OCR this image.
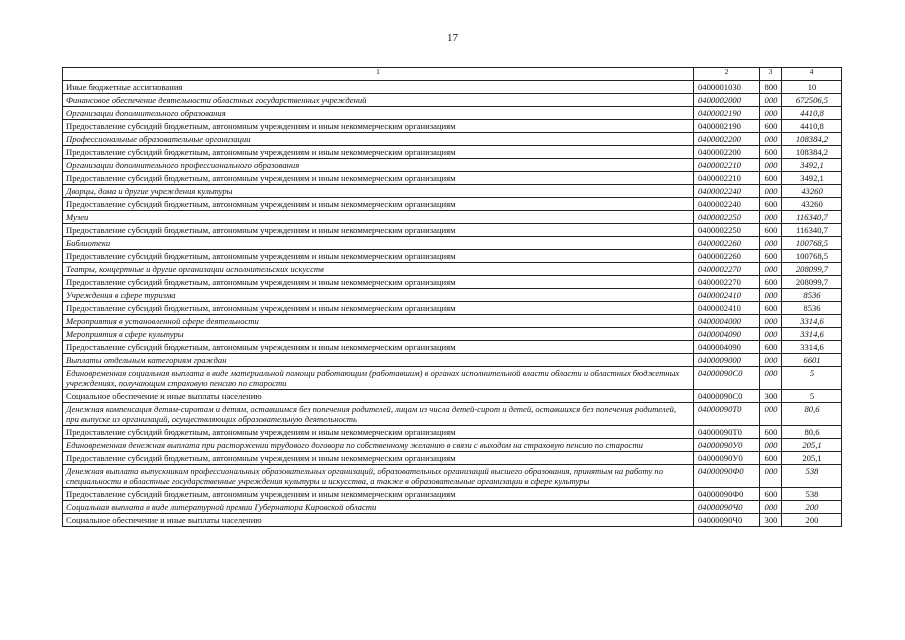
17
1	2	3	4
Иные бюджетные ассигнования	0400001030	800	10
Финансовое обеспечение деятельности областных государственных учреждений	0400002000	000	672506,5
Организации дополнительного образования	0400002190	000	4410,8
Предоставление субсидий бюджетным, автономным учреждениям и иным некоммерческим организациям	0400002190	600	4410,8
Профессиональные образовательные организации	0400002200	000	108384,2
Предоставление субсидий бюджетным, автономным учреждениям и иным некоммерческим организациям	0400002200	600	108384,2
Организации дополнительного профессионального образования	0400002210	000	3492,1
Предоставление субсидий бюджетным, автономным учреждениям и иным некоммерческим организациям	0400002210	600	3492,1
Дворцы, дома и другие учреждения культуры	0400002240	000	43260
Предоставление субсидий бюджетным, автономным учреждениям и иным некоммерческим организациям	0400002240	600	43260
Музеи	0400002250	000	116340,7
Предоставление субсидий бюджетным, автономным учреждениям и иным некоммерческим организациям	0400002250	600	116340,7
Библиотеки	0400002260	000	100768,5
Предоставление субсидий бюджетным, автономным учреждениям и иным некоммерческим организациям	0400002260	600	100768,5
Театры, концертные и другие организации исполнительских искусств	0400002270	000	208099,7
Предоставление субсидий бюджетным, автономным учреждениям и иным некоммерческим организациям	0400002270	600	208099,7
Учреждения в сфере туризма	0400002410	000	8536
Предоставление субсидий бюджетным, автономным учреждениям и иным некоммерческим организациям	0400002410	600	8536
Мероприятия в установленной сфере деятельности	0400004000	000	3314,6
Мероприятия в сфере культуры	0400004090	000	3314,6
Предоставление субсидий бюджетным, автономным учреждениям и иным некоммерческим организациям	0400004090	600	3314,6
Выплаты отдельным категориям граждан	0400009000	000	6601
Единовременная социальная выплата в виде материальной помощи работающим (работавшим) в органах исполнительной власти области и областных бюджетных учреждениях, получающим страховую пенсию по старости	04000090С0	000	5
Социальное обеспечение и иные выплаты населению	04000090С0	300	5
Денежная компенсация детям-сиротам и детям, оставшимся без попечения родителей, лицам из числа детей-сирот и детей, оставшихся без попечения родителей, при выпуске из организаций, осуществляющих образовательную деятельность	04000090Т0	000	80,6
Предоставление субсидий бюджетным, автономным учреждениям и иным некоммерческим организациям	04000090Т0	600	80,6
Единовременная денежная выплата при расторжении трудового договора по собственному желанию в связи с выходом на страховую пенсию по старости	04000090У0	000	205,1
Предоставление субсидий бюджетным, автономным учреждениям и иным некоммерческим организациям	04000090У0	600	205,1
Денежная выплата выпускникам профессиональных образовательных организаций, образовательных организаций высшего образования, принятым на работу по специальности в областные государственные учреждения культуры и искусства, а также в образовательные организации в сфере культуры	04000090Ф0	000	538
Предоставление субсидий бюджетным, автономным учреждениям и иным некоммерческим организациям	04000090Ф0	600	538
Социальная выплата в виде литературной премии Губернатора Кировской области	04000090Ч0	000	200
Социальное обеспечение и иные выплаты населению	04000090Ч0	300	200
